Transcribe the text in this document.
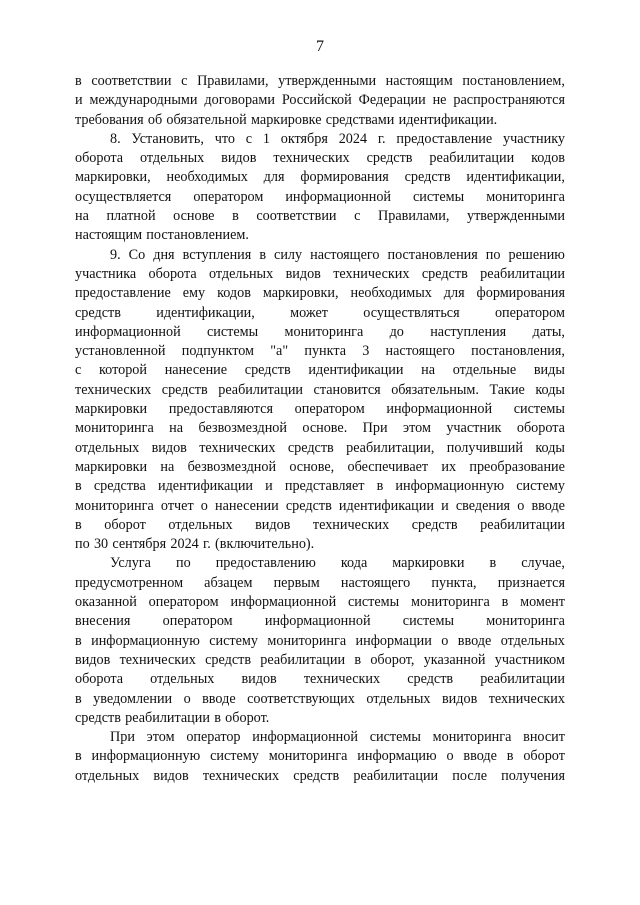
7
в соответствии с Правилами, утвержденными настоящим постановлением,
и международными договорами Российской Федерации не распространяются
требования об обязательной маркировке средствами идентификации.
8. Установить, что с 1 октября 2024 г. предоставление участнику
оборота отдельных видов технических средств реабилитации кодов
маркировки, необходимых для формирования средств идентификации,
осуществляется оператором информационной системы мониторинга
на платной основе в соответствии с Правилами, утвержденными
настоящим постановлением.
9. Со дня вступления в силу настоящего постановления по решению
участника оборота отдельных видов технических средств реабилитации
предоставление ему кодов маркировки, необходимых для формирования
средств идентификации, может осуществляться оператором
информационной системы мониторинга до наступления даты,
установленной подпунктом "а" пункта 3 настоящего постановления,
с которой нанесение средств идентификации на отдельные виды
технических средств реабилитации становится обязательным. Такие коды
маркировки предоставляются оператором информационной системы
мониторинга на безвозмездной основе. При этом участник оборота
отдельных видов технических средств реабилитации, получивший коды
маркировки на безвозмездной основе, обеспечивает их преобразование
в средства идентификации и представляет в информационную систему
мониторинга отчет о нанесении средств идентификации и сведения о вводе
в оборот отдельных видов технических средств реабилитации
по 30 сентября 2024 г. (включительно).
Услуга по предоставлению кода маркировки в случае,
предусмотренном абзацем первым настоящего пункта, признается
оказанной оператором информационной системы мониторинга в момент
внесения оператором информационной системы мониторинга
в информационную систему мониторинга информации о вводе отдельных
видов технических средств реабилитации в оборот, указанной участником
оборота отдельных видов технических средств реабилитации
в уведомлении о вводе соответствующих отдельных видов технических
средств реабилитации в оборот.
При этом оператор информационной системы мониторинга вносит
в информационную систему мониторинга информацию о вводе в оборот
отдельных видов технических средств реабилитации после получения
